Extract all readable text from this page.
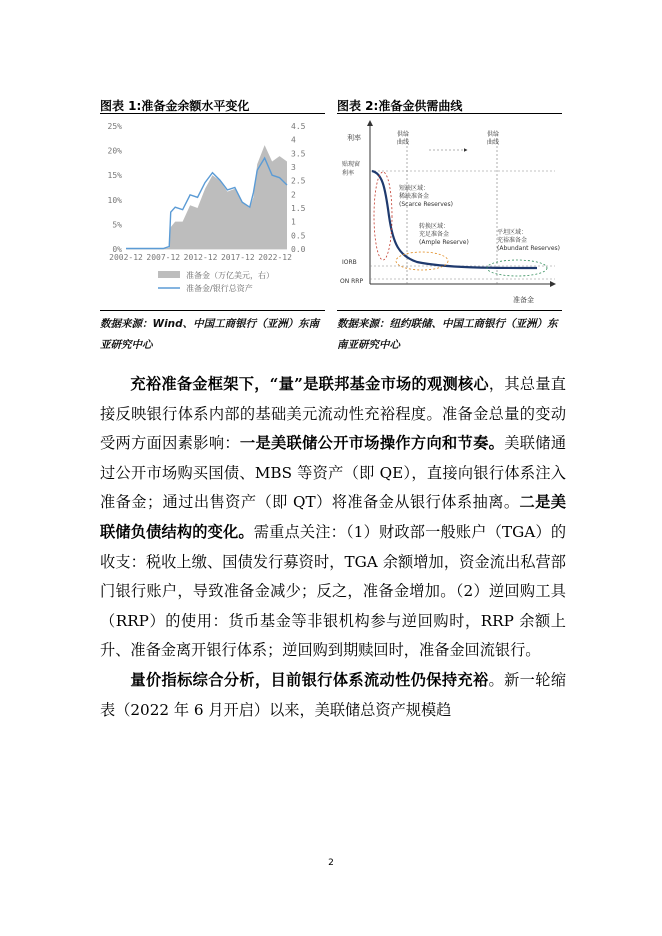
图表 1:准备金余额水平变化
25%
20%
15%
10%
5%
0%
4.5
4
3.5
3
2.5
2
1.5
1
0.5
0.0
2002-12 2007-12 2012-12 2017-12 2022-12
准备金（万亿美元，右）
准备金/银行总资产
数据来源：Wind、中国工商银行（亚洲）东南亚研究中心
图表 2:准备金供需曲线
利率
准备金
贴现窗利率
IORB
ON RRP
供给曲线
供给曲线
短缺区域：稀缺准备金(Scarce Reserves)
转换区域：充足准备金(Ample Reserve)
平坦区域：充裕准备金(Abundant Reserves)
数据来源：纽约联储、中国工商银行（亚洲）东南亚研究中心

充裕准备金框架下，“量”是联邦基金市场的观测核心，其总量直接反映银行体系内部的基础美元流动性充裕程度。准备金总量的变动受两方面因素影响：一是美联储公开市场操作方向和节奏。美联储通过公开市场购买国债、MBS 等资产（即 QE），直接向银行体系注入准备金；通过出售资产（即 QT）将准备金从银行体系抽离。二是美联储负债结构的变化。需重点关注：（1）财政部一般账户（TGA）的收支：税收上缴、国债发行募资时，TGA 余额增加，资金流出私营部门银行账户，导致准备金减少；反之，准备金增加。（2）逆回购工具（RRP）的使用：货币基金等非银机构参与逆回购时，RRP 余额上升、准备金离开银行体系；逆回购到期赎回时，准备金回流银行。

量价指标综合分析，目前银行体系流动性仍保持充裕。新一轮缩表（2022 年 6 月开启）以来，美联储总资产规模趋

2
